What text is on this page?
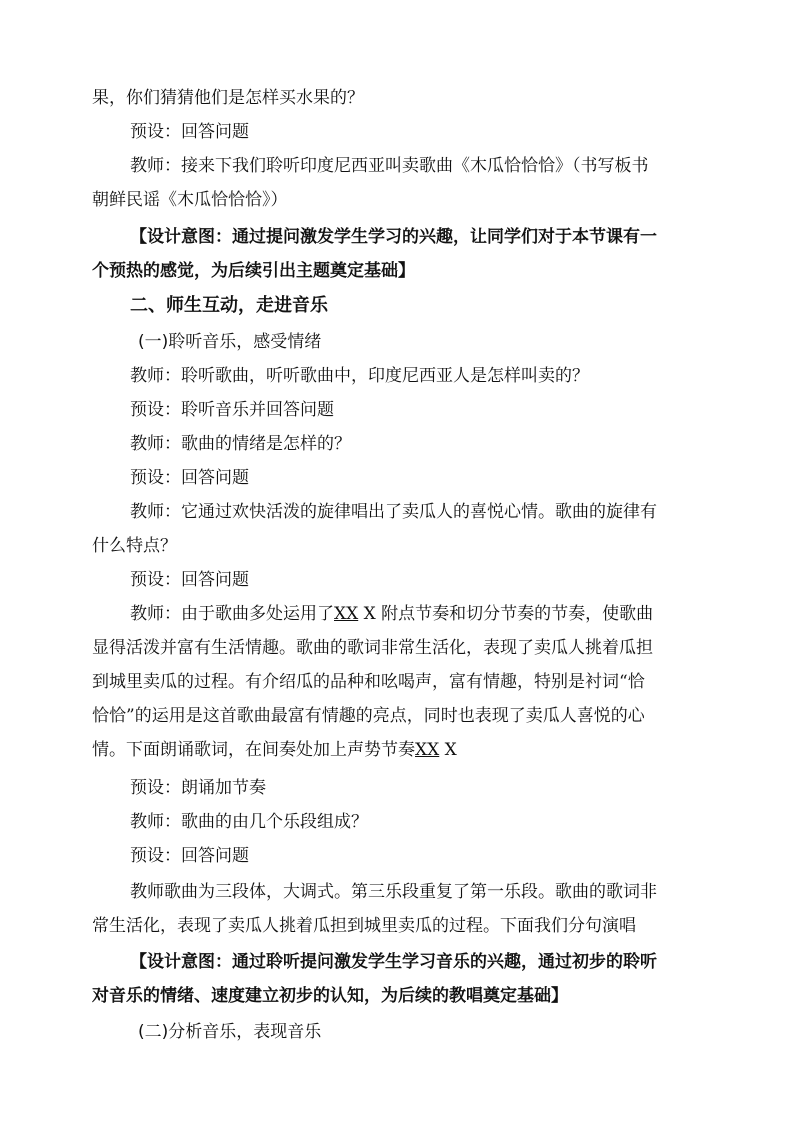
果，你们猜猜他们是怎样买水果的？
预设：回答问题
教师：接来下我们聆听印度尼西亚叫卖歌曲《木瓜恰恰恰》（书写板书
朝鲜民谣《木瓜恰恰恰》）
【设计意图：通过提问激发学生学习的兴趣，让同学们对于本节课有一
个预热的感觉，为后续引出主题奠定基础】
二、师生互动，走进音乐
(一)聆听音乐，感受情绪
教师：聆听歌曲，听听歌曲中，印度尼西亚人是怎样叫卖的？
预设：聆听音乐并回答问题
教师：歌曲的情绪是怎样的？
预设：回答问题
教师：它通过欢快活泼的旋律唱出了卖瓜人的喜悦心情。歌曲的旋律有
什么特点？
预设：回答问题
教师：由于歌曲多处运用了XX X 附点节奏和切分节奏的节奏，使歌曲
显得活泼并富有生活情趣。歌曲的歌词非常生活化，表现了卖瓜人挑着瓜担
到城里卖瓜的过程。有介绍瓜的品种和吆喝声，富有情趣，特别是衬词“恰
恰恰”的运用是这首歌曲最富有情趣的亮点，同时也表现了卖瓜人喜悦的心
情。下面朗诵歌词，在间奏处加上声势节奏XX X
预设：朗诵加节奏
教师：歌曲的由几个乐段组成？
预设：回答问题
教师歌曲为三段体，大调式。第三乐段重复了第一乐段。歌曲的歌词非
常生活化，表现了卖瓜人挑着瓜担到城里卖瓜的过程。下面我们分句演唱
【设计意图：通过聆听提问激发学生学习音乐的兴趣，通过初步的聆听
对音乐的情绪、速度建立初步的认知，为后续的教唱奠定基础】
(二)分析音乐，表现音乐
